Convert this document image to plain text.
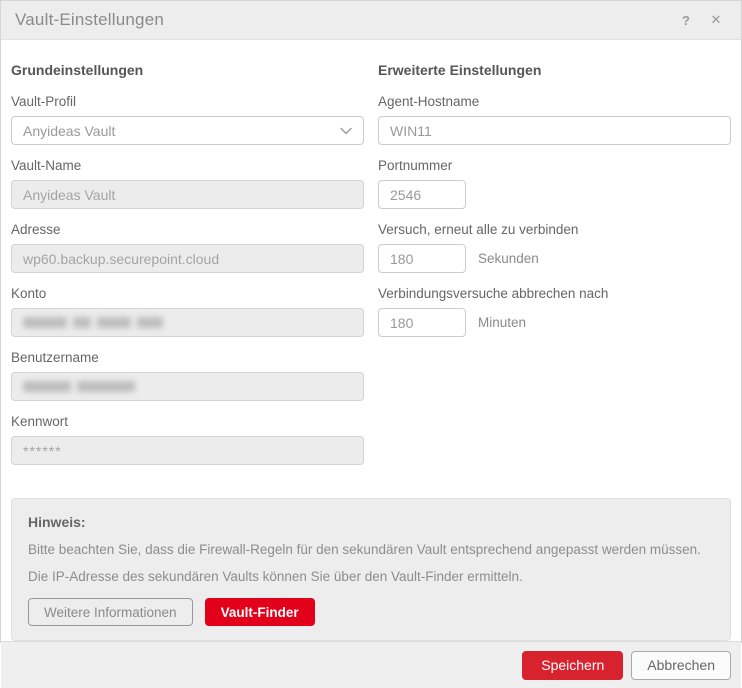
Vault-Einstellungen	?	✕
Grundeinstellungen
Vault-Profil
Anyideas Vault
Vault-Name
Anyideas Vault
Adresse
wp60.backup.securepoint.cloud
Konto
Benutzername
Kennwort
******
Erweiterte Einstellungen
Agent-Hostname
WIN11
Portnummer
2546
Versuch, erneut alle zu verbinden
180
Sekunden
Verbindungsversuche abbrechen nach
180
Minuten
Hinweis:
Bitte beachten Sie, dass die Firewall-Regeln für den sekundären Vault entsprechend angepasst werden müssen.
Die IP-Adresse des sekundären Vaults können Sie über den Vault-Finder ermitteln.
Weitere Informationen	Vault-Finder
Speichern	Abbrechen
